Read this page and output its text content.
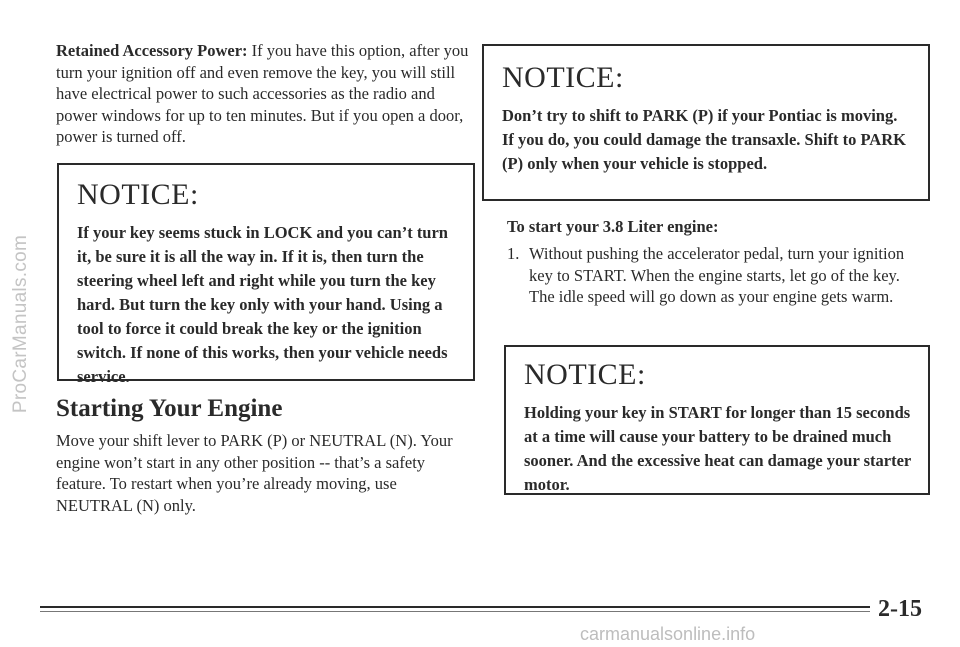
ProCarManuals.com

Retained Accessory Power: If you have this option, after you turn your ignition off and even remove the key, you will still have electrical power to such accessories as the radio and power windows for up to ten minutes. But if you open a door, power is turned off.

NOTICE:

If your key seems stuck in LOCK and you can’t turn it, be sure it is all the way in. If it is, then turn the steering wheel left and right while you turn the key hard. But turn the key only with your hand. Using a tool to force it could break the key or the ignition switch. If none of this works, then your vehicle needs service.

Starting Your Engine

Move your shift lever to PARK (P) or NEUTRAL (N). Your engine won’t start in any other position -- that’s a safety feature. To restart when you’re already moving, use NEUTRAL (N) only.

NOTICE:

Don’t try to shift to PARK (P) if your Pontiac is moving. If you do, you could damage the transaxle. Shift to PARK (P) only when your vehicle is stopped.

To start your 3.8 Liter engine:

1. Without pushing the accelerator pedal, turn your ignition key to START. When the engine starts, let go of the key. The idle speed will go down as your engine gets warm.
NOTICE:

Holding your key in START for longer than 15 seconds at a time will cause your battery to be drained much sooner. And the excessive heat can damage your starter motor.

2-15
carmanualsonline.info
